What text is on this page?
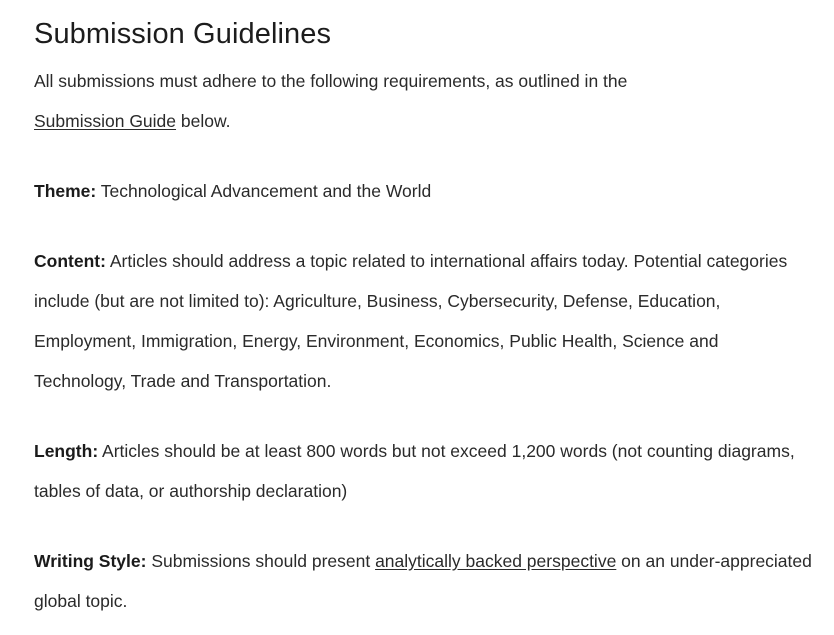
Submission Guidelines

All submissions must adhere to the following requirements, as outlined in the
Submission Guide below.

Theme: Technological Advancement and the World

Content: Articles should address a topic related to international affairs today. Potential categories include (but are not limited to): Agriculture, Business, Cybersecurity, Defense, Education, Employment, Immigration, Energy, Environment, Economics, Public Health, Science and Technology, Trade and Transportation.

Length: Articles should be at least 800 words but not exceed 1,200 words (not counting diagrams, tables of data, or authorship declaration)

Writing Style: Submissions should present analytically backed perspective on an under-appreciated global topic.
